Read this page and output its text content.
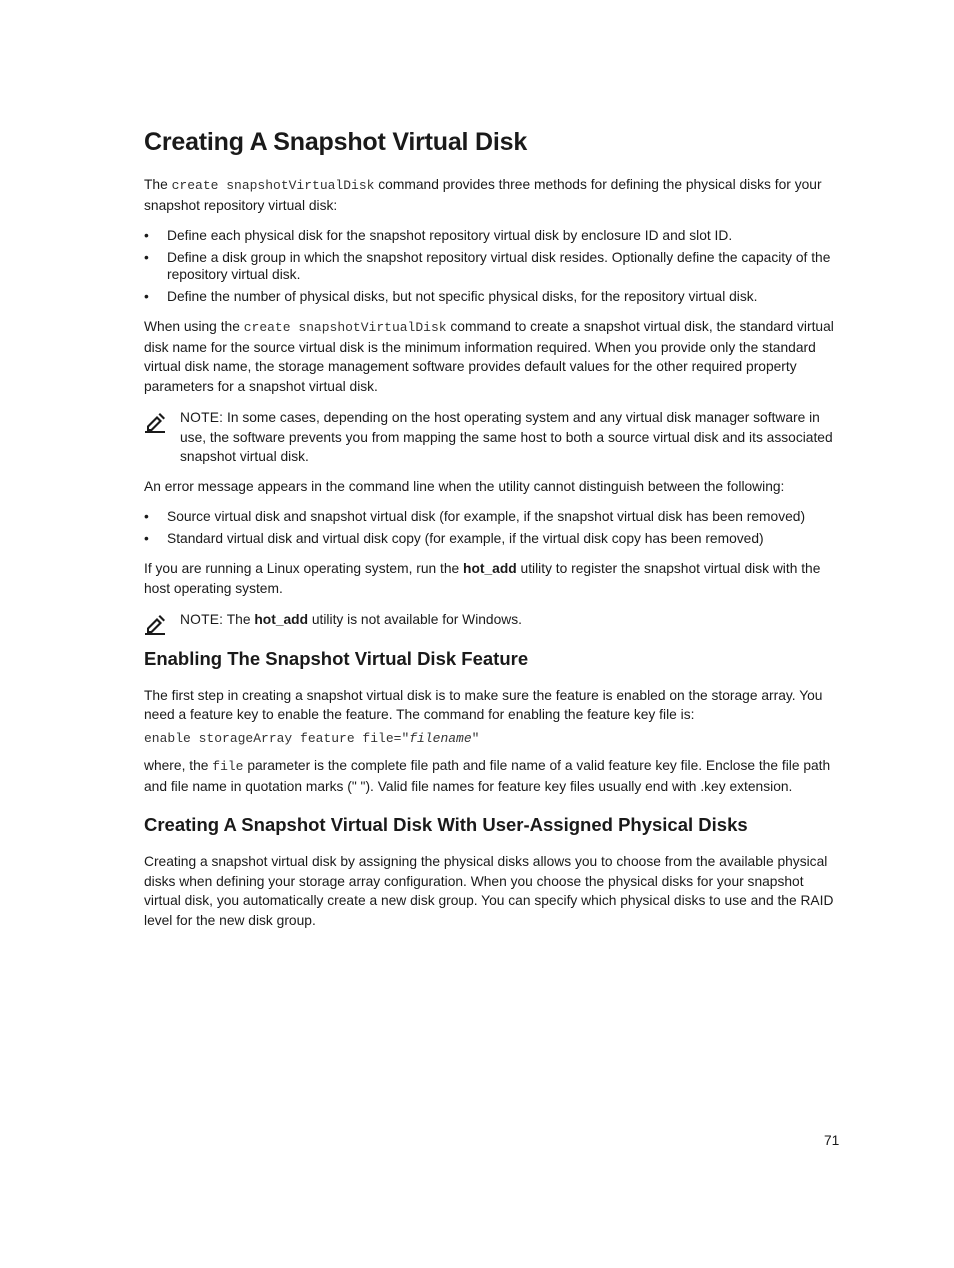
Creating A Snapshot Virtual Disk

The create snapshotVirtualDisk command provides three methods for defining the physical disks for your snapshot repository virtual disk:

• Define each physical disk for the snapshot repository virtual disk by enclosure ID and slot ID.
• Define a disk group in which the snapshot repository virtual disk resides. Optionally define the capacity of the repository virtual disk.
• Define the number of physical disks, but not specific physical disks, for the repository virtual disk.

When using the create snapshotVirtualDisk command to create a snapshot virtual disk, the standard virtual disk name for the source virtual disk is the minimum information required. When you provide only the standard virtual disk name, the storage management software provides default values for the other required property parameters for a snapshot virtual disk.

NOTE: In some cases, depending on the host operating system and any virtual disk manager software in use, the software prevents you from mapping the same host to both a source virtual disk and its associated snapshot virtual disk.

An error message appears in the command line when the utility cannot distinguish between the following:

• Source virtual disk and snapshot virtual disk (for example, if the snapshot virtual disk has been removed)
• Standard virtual disk and virtual disk copy (for example, if the virtual disk copy has been removed)

If you are running a Linux operating system, run the hot_add utility to register the snapshot virtual disk with the host operating system.

NOTE: The hot_add utility is not available for Windows.
Enabling The Snapshot Virtual Disk Feature

The first step in creating a snapshot virtual disk is to make sure the feature is enabled on the storage array. You need a feature key to enable the feature. The command for enabling the feature key file is:

enable storageArray feature file="filename"

where, the file parameter is the complete file path and file name of a valid feature key file. Enclose the file path and file name in quotation marks (" "). Valid file names for feature key files usually end with .key extension.

Creating A Snapshot Virtual Disk With User-Assigned Physical Disks

Creating a snapshot virtual disk by assigning the physical disks allows you to choose from the available physical disks when defining your storage array configuration. When you choose the physical disks for your snapshot virtual disk, you automatically create a new disk group. You can specify which physical disks to use and the RAID level for the new disk group.

71
